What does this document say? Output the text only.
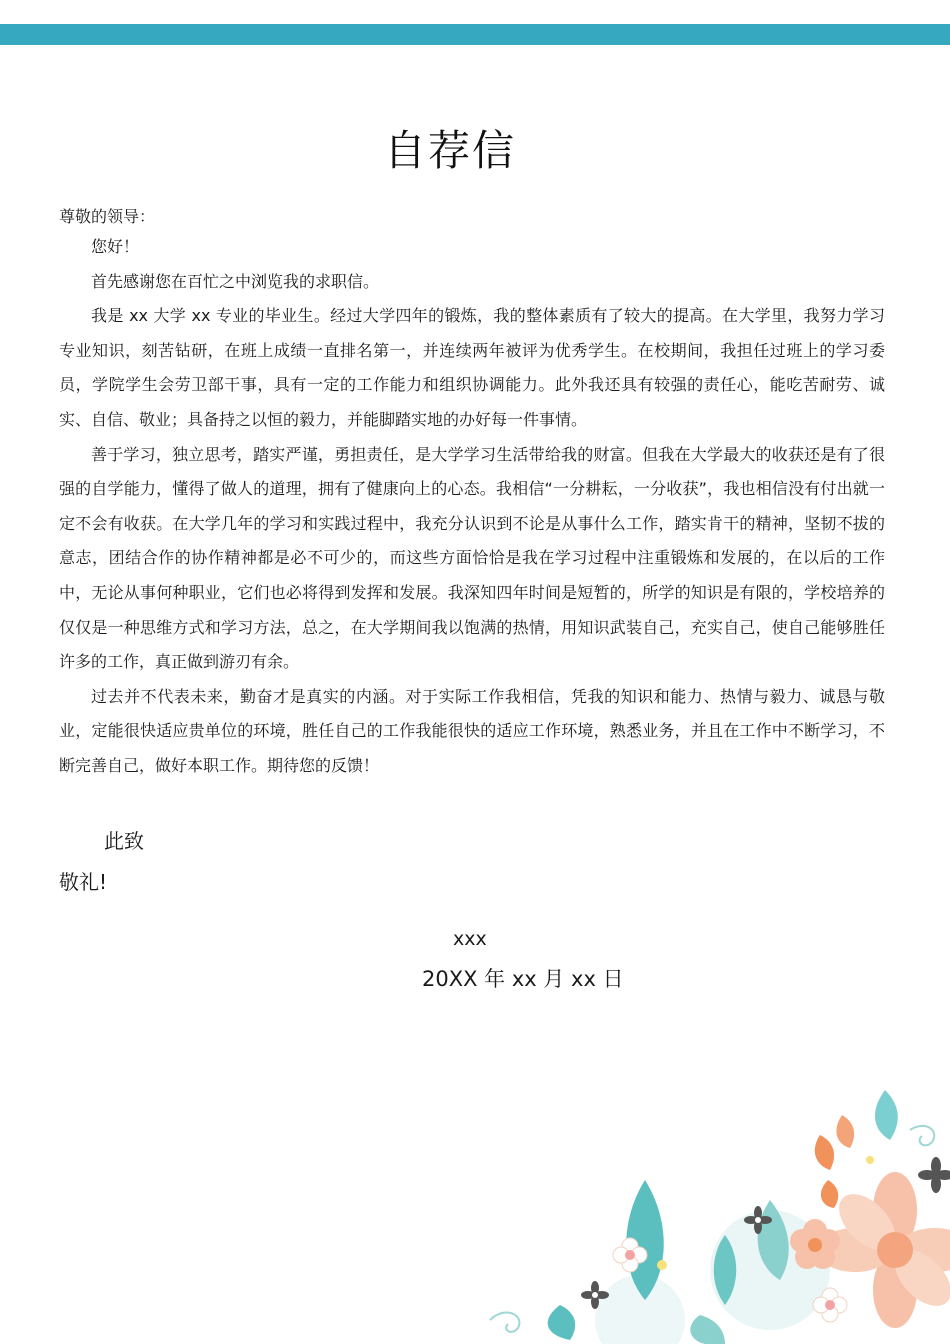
自荐信
尊敬的领导：

您好！

首先感谢您在百忙之中浏览我的求职信。

我是 xx 大学 xx 专业的毕业生。经过大学四年的锻炼，我的整体素质有了较大的提高。在大学里，我努力学习专业知识，刻苦钻研，在班上成绩一直排名第一，并连续两年被评为优秀学生。在校期间，我担任过班上的学习委员，学院学生会劳卫部干事，具有一定的工作能力和组织协调能力。此外我还具有较强的责任心，能吃苦耐劳、诚实、自信、敬业；具备持之以恒的毅力，并能脚踏实地的办好每一件事情。

善于学习，独立思考，踏实严谨，勇担责任，是大学学习生活带给我的财富。但我在大学最大的收获还是有了很强的自学能力，懂得了做人的道理，拥有了健康向上的心态。我相信“一分耕耘，一分收获”，我也相信没有付出就一定不会有收获。在大学几年的学习和实践过程中，我充分认识到不论是从事什么工作，踏实肯干的精神，坚韧不拔的意志，团结合作的协作精神都是必不可少的，而这些方面恰恰是我在学习过程中注重锻炼和发展的，在以后的工作中，无论从事何种职业，它们也必将得到发挥和发展。我深知四年时间是短暂的，所学的知识是有限的，学校培养的仅仅是一种思维方式和学习方法，总之，在大学期间我以饱满的热情，用知识武装自己，充实自己，使自己能够胜任许多的工作，真正做到游刃有余。

过去并不代表未来，勤奋才是真实的内涵。对于实际工作我相信，凭我的知识和能力、热情与毅力、诚恳与敬业，定能很快适应贵单位的环境，胜任自己的工作我能很快的适应工作环境，熟悉业务，并且在工作中不断学习，不断完善自己，做好本职工作。期待您的反馈！

此致
敬礼!
xxx
20XX 年 xx 月 xx 日
